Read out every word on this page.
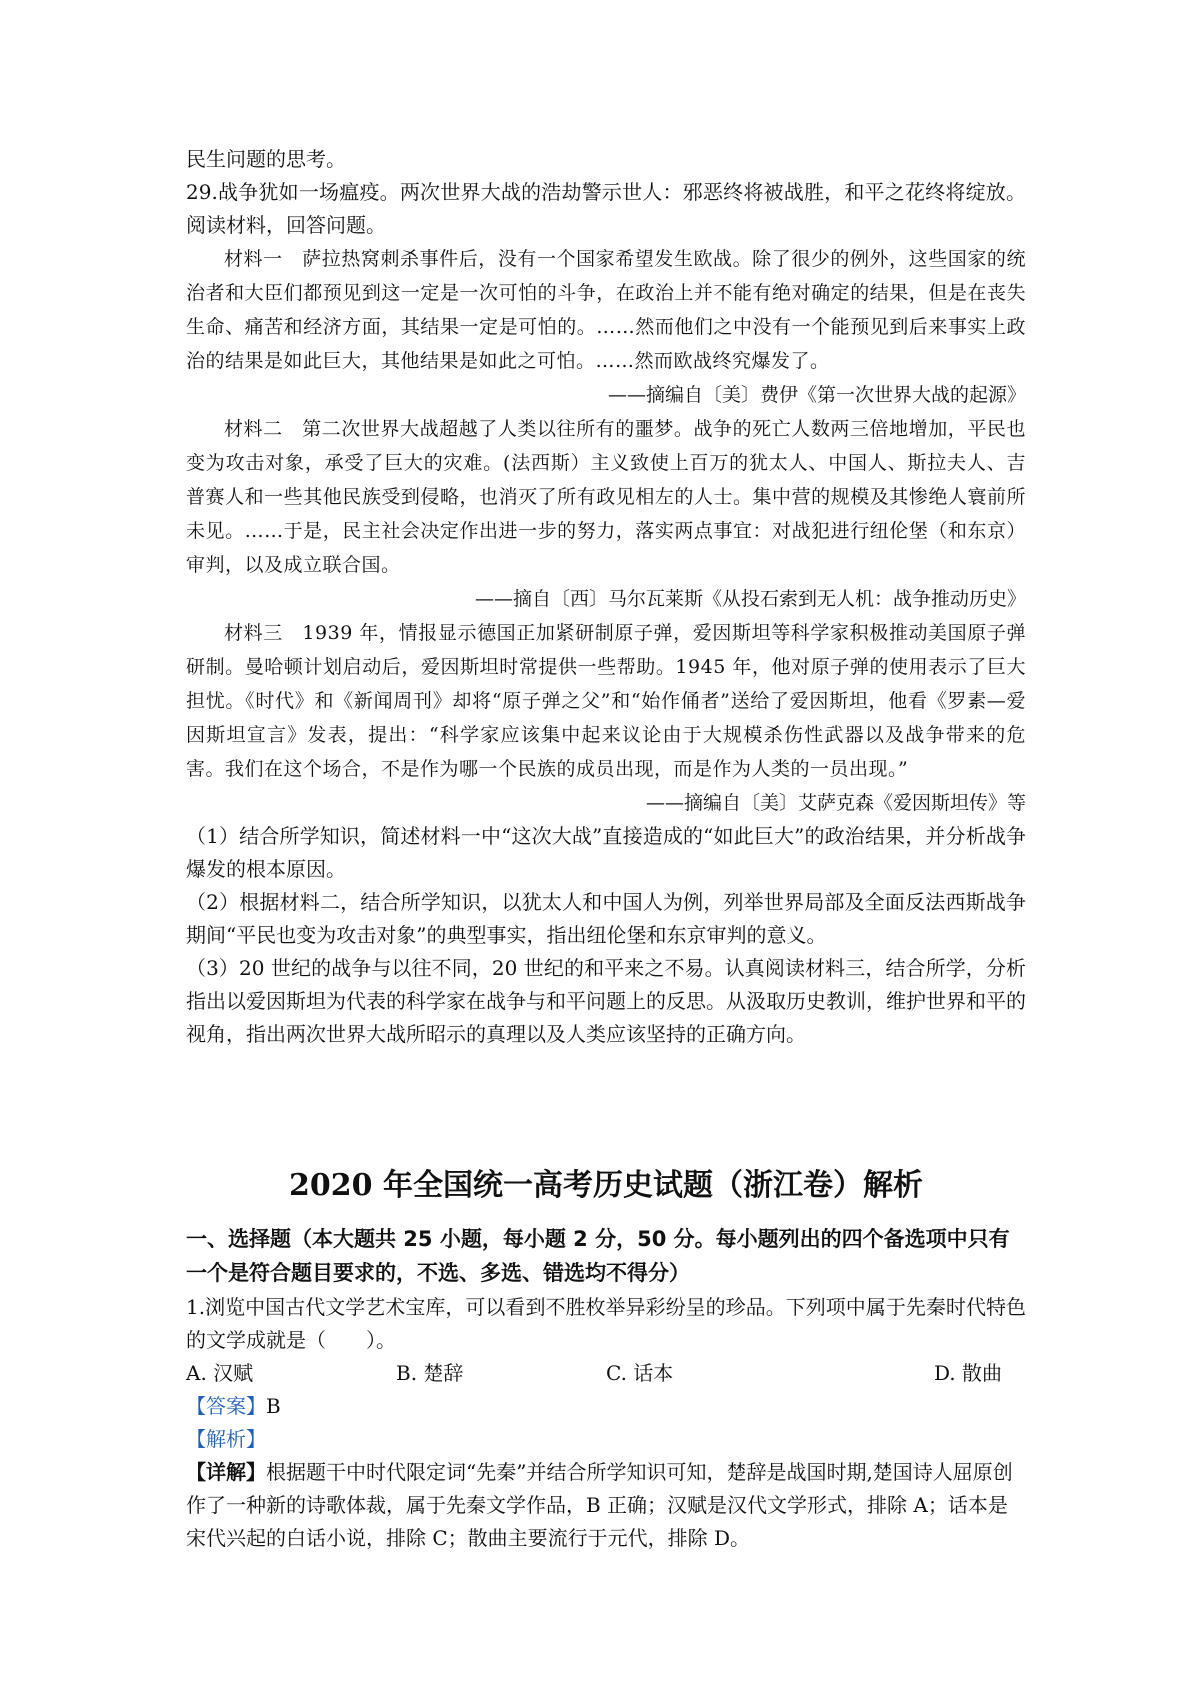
民生问题的思考。

29.战争犹如一场瘟疫。两次世界大战的浩劫警示世人：邪恶终将被战胜，和平之花终将绽放。阅读材料，回答问题。

材料一　萨拉热窝刺杀事件后，没有一个国家希望发生欧战。除了很少的例外，这些国家的统治者和大臣们都预见到这一定是一次可怕的斗争，在政治上并不能有绝对确定的结果，但是在丧失生命、痛苦和经济方面，其结果一定是可怕的。……然而他们之中没有一个能预见到后来事实上政治的结果是如此巨大，其他结果是如此之可怕。……然而欧战终究爆发了。

——摘编自〔美〕费伊《第一次世界大战的起源》

材料二　第二次世界大战超越了人类以往所有的噩梦。战争的死亡人数两三倍地增加，平民也变为攻击对象，承受了巨大的灾难。(法西斯）主义致使上百万的犹太人、中国人、斯拉夫人、吉普赛人和一些其他民族受到侵略，也消灭了所有政见相左的人士。集中营的规模及其惨绝人寰前所未见。……于是，民主社会决定作出进一步的努力，落实两点事宜：对战犯进行纽伦堡（和东京）审判，以及成立联合国。

——摘自〔西〕马尔瓦莱斯《从投石索到无人机：战争推动历史》

材料三　1939 年，情报显示德国正加紧研制原子弹，爱因斯坦等科学家积极推动美国原子弹研制。曼哈顿计划启动后，爱因斯坦时常提供一些帮助。1945 年，他对原子弹的使用表示了巨大担忧。《时代》和《新闻周刊》却将“原子弹之父”和“始作俑者”送给了爱因斯坦，他看《罗素—爱因斯坦宣言》发表，提出：“科学家应该集中起来议论由于大规模杀伤性武器以及战争带来的危害。我们在这个场合，不是作为哪一个民族的成员出现，而是作为人类的一员出现。”

——摘编自〔美〕艾萨克森《爱因斯坦传》等

（1）结合所学知识，简述材料一中“这次大战”直接造成的“如此巨大”的政治结果，并分析战争爆发的根本原因。

（2）根据材料二，结合所学知识，以犹太人和中国人为例，列举世界局部及全面反法西斯战争期间“平民也变为攻击对象”的典型事实，指出纽伦堡和东京审判的意义。

（3）20 世纪的战争与以往不同，20 世纪的和平来之不易。认真阅读材料三，结合所学，分析指出以爱因斯坦为代表的科学家在战争与和平问题上的反思。从汲取历史教训，维护世界和平的视角，指出两次世界大战所昭示的真理以及人类应该坚持的正确方向。

2020 年全国统一高考历史试题（浙江卷）解析

一、选择题（本大题共 25 小题，每小题 2 分，50 分。每小题列出的四个备选项中只有一个是符合题目要求的，不选、多选、错选均不得分）

1.浏览中国古代文学艺术宝库，可以看到不胜枚举异彩纷呈的珍品。下列项中属于先秦时代特色的文学成就是（　　）。

A. 汉赋	B. 楚辞	C. 话本	D. 散曲

【答案】B

【解析】

【详解】根据题干中时代限定词“先秦”并结合所学知识可知，楚辞是战国时期,楚国诗人屈原创作了一种新的诗歌体裁，属于先秦文学作品，B 正确；汉赋是汉代文学形式，排除 A；话本是宋代兴起的白话小说，排除 C；散曲主要流行于元代，排除 D。
